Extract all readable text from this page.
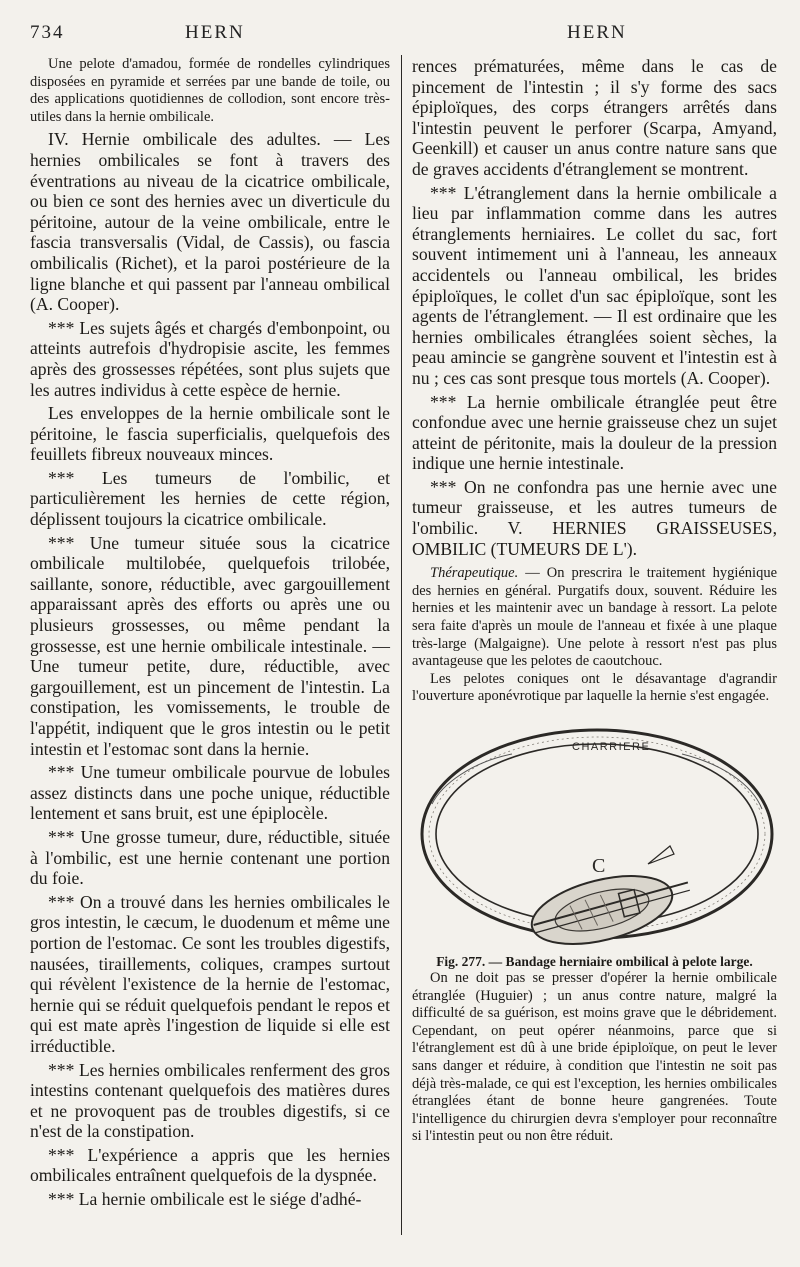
734	HERN	HERN

Une pelote d'amadou, formée de rondelles cylindriques disposées en pyramide et serrées par une bande de toile, ou des applications quotidiennes de collodion, sont encore très-utiles dans la hernie ombilicale.

IV. Hernie ombilicale des adultes. — Les hernies ombilicales se font à travers des éventrations au niveau de la cicatrice ombilicale, ou bien ce sont des hernies avec un diverticule du péritoine, autour de la veine ombilicale, entre le fascia transversalis (Vidal, de Cassis), ou fascia ombilicalis (Richet), et la paroi postérieure de la ligne blanche et qui passent par l'anneau ombilical (A. Cooper).

*** Les sujets âgés et chargés d'embonpoint, ou atteints autrefois d'hydropisie ascite, les femmes après des grossesses répétées, sont plus sujets que les autres individus à cette espèce de hernie.

Les enveloppes de la hernie ombilicale sont le péritoine, le fascia superficialis, quelquefois des feuillets fibreux nouveaux minces.

*** Les tumeurs de l'ombilic, et particulièrement les hernies de cette région, déplissent toujours la cicatrice ombilicale.

*** Une tumeur située sous la cicatrice ombilicale multilobée, quelquefois trilobée, saillante, sonore, réductible, avec gargouillement apparaissant après des efforts ou après une ou plusieurs grossesses, ou même pendant la grossesse, est une hernie ombilicale intestinale. — Une tumeur petite, dure, réductible, avec gargouillement, est un pincement de l'intestin. La constipation, les vomissements, le trouble de l'appétit, indiquent que le gros intestin ou le petit intestin et l'estomac sont dans la hernie.

*** Une tumeur ombilicale pourvue de lobules assez distincts dans une poche unique, réductible lentement et sans bruit, est une épiplocèle.

*** Une grosse tumeur, dure, réductible, située à l'ombilic, est une hernie contenant une portion du foie.

*** On a trouvé dans les hernies ombilicales le gros intestin, le cæcum, le duodenum et même une portion de l'estomac. Ce sont les troubles digestifs, nausées, tiraillements, coliques, crampes surtout qui révèlent l'existence de la hernie de l'estomac, hernie qui se réduit quelquefois pendant le repos et qui est mate après l'ingestion de liquide si elle est irréductible.

*** Les hernies ombilicales renferment des gros intestins contenant quelquefois des matières dures et ne provoquent pas de troubles digestifs, si ce n'est de la constipation.

*** L'expérience a appris que les hernies ombilicales entraînent quelquefois de la dyspnée.

*** La hernie ombilicale est le siége d'adhé-

rences prématurées, même dans le cas de pincement de l'intestin ; il s'y forme des sacs épiploïques, des corps étrangers arrêtés dans l'intestin peuvent le perforer (Scarpa, Amyand, Geenkill) et causer un anus contre nature sans que de graves accidents d'étranglement se montrent.

*** L'étranglement dans la hernie ombilicale a lieu par inflammation comme dans les autres étranglements herniaires. Le collet du sac, fort souvent intimement uni à l'anneau, les anneaux accidentels ou l'anneau ombilical, les brides épiploïques, le collet d'un sac épiploïque, sont les agents de l'étranglement. — Il est ordinaire que les hernies ombilicales étranglées soient sèches, la peau amincie se gangrène souvent et l'intestin est à nu ; ces cas sont presque tous mortels (A. Cooper).

*** La hernie ombilicale étranglée peut être confondue avec une hernie graisseuse chez un sujet atteint de péritonite, mais la douleur de la pression indique une hernie intestinale.

*** On ne confondra pas une hernie avec une tumeur graisseuse, et les autres tumeurs de l'ombilic. V. HERNIES GRAISSEUSES, OMBILIC (TUMEURS DE L').

Thérapeutique. — On prescrira le traitement hygiénique des hernies en général. Purgatifs doux, souvent. Réduire les hernies et les maintenir avec un bandage à ressort. La pelote sera faite d'après un moule de l'anneau et fixée à une plaque très-large (Malgaigne). Une pelote à ressort n'est pas plus avantageuse que les pelotes de caoutchouc.

Les pelotes coniques ont le désavantage d'agrandir l'ouverture aponévrotique par laquelle la hernie s'est engagée.

CHARRIERE
C

Fig. 277. — Bandage herniaire ombilical à pelote large.

On ne doit pas se presser d'opérer la hernie ombilicale étranglée (Huguier) ; un anus contre nature, malgré la difficulté de sa guérison, est moins grave que le débridement. Cependant, on peut opérer néanmoins, parce que si l'étranglement est dû à une bride épiploïque, on peut le lever sans danger et réduire, à condition que l'intestin ne soit pas déjà très-malade, ce qui est l'exception, les hernies ombilicales étranglées étant de bonne heure gangrenées. Toute l'intelligence du chirurgien devra s'employer pour reconnaître si l'intestin peut ou non être réduit.
